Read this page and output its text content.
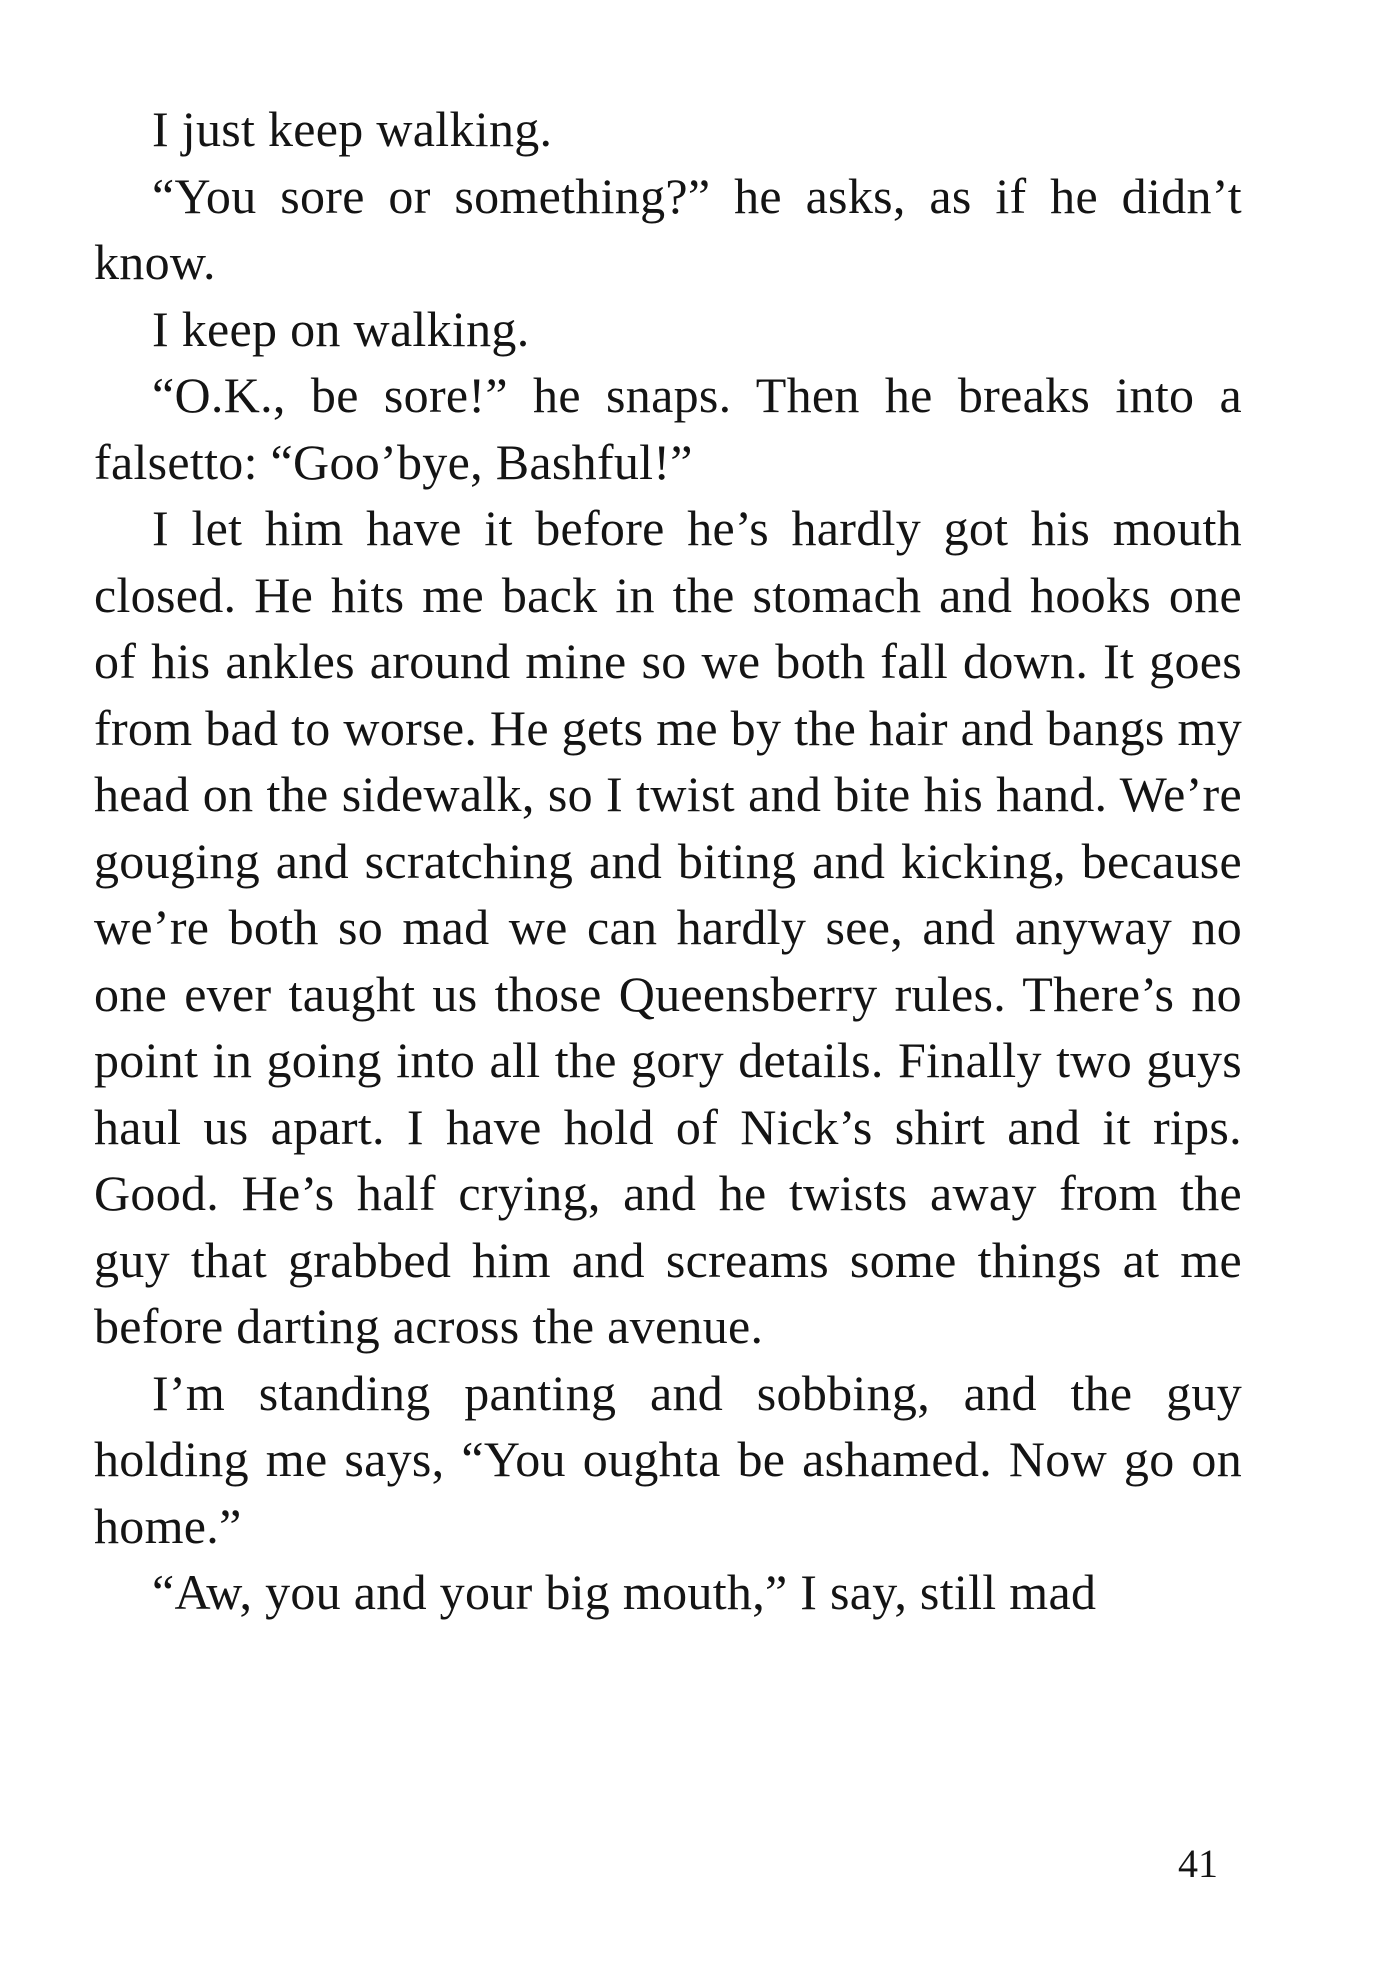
I just keep walking.

“You sore or something?” he asks, as if he didn’t know.

I keep on walking.

“O.K., be sore!” he snaps. Then he breaks into a falsetto: “Goo’bye, Bashful!”

I let him have it before he’s hardly got his mouth closed. He hits me back in the stomach and hooks one of his ankles around mine so we both fall down. It goes from bad to worse. He gets me by the hair and bangs my head on the sidewalk, so I twist and bite his hand. We’re gouging and scratching and biting and kicking, because we’re both so mad we can hardly see, and anyway no one ever taught us those Queensberry rules. There’s no point in going into all the gory details. Finally two guys haul us apart. I have hold of Nick’s shirt and it rips. Good. He’s half crying, and he twists away from the guy that grabbed him and screams some things at me before darting across the avenue.

I’m standing panting and sobbing, and the guy holding me says, “You oughta be ashamed. Now go on home.”

“Aw, you and your big mouth,” I say, still mad

41
